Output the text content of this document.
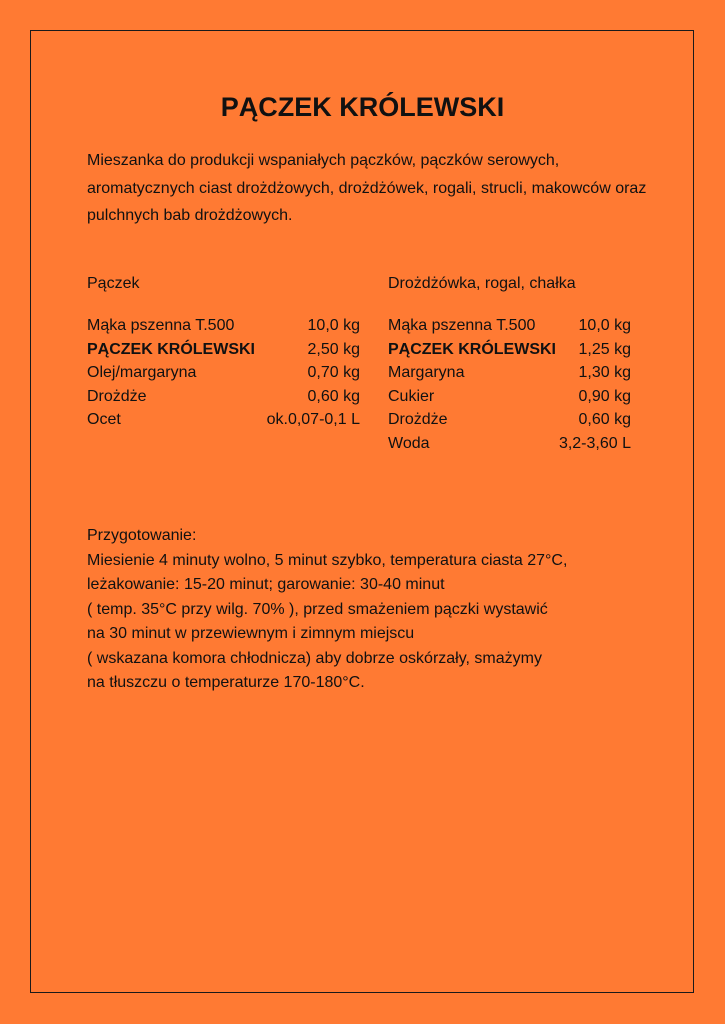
PĄCZEK KRÓLEWSKI

Mieszanka do produkcji wspaniałych pączków, pączków serowych, aromatycznych ciast drożdżowych, drożdżówek, rogali, strucli, makowców oraz pulchnych bab drożdżowych.

Pączek
Mąka pszenna T.500	10,0 kg
PĄCZEK KRÓLEWSKI	2,50 kg
Olej/margaryna	0,70 kg
Drożdże	0,60 kg
Ocet	ok.0,07-0,1 L
Drożdżówka, rogal, chałka
Mąka pszenna T.500	10,0 kg
PĄCZEK KRÓLEWSKI 1,25 kg
Margaryna	1,30 kg
Cukier	0,90 kg
Drożdże	0,60 kg
Woda	3,2-3,60 L
Przygotowanie:
Miesienie 4 minuty wolno, 5 minut szybko, temperatura ciasta 27°C,
leżakowanie: 15-20 minut; garowanie: 30-40 minut
( temp. 35°C przy wilg. 70% ), przed smażeniem pączki wystawić
na 30 minut w przewiewnym i zimnym miejscu
( wskazana komora chłodnicza) aby dobrze oskórzały, smażymy
na tłuszczu o temperaturze 170-180°C.
